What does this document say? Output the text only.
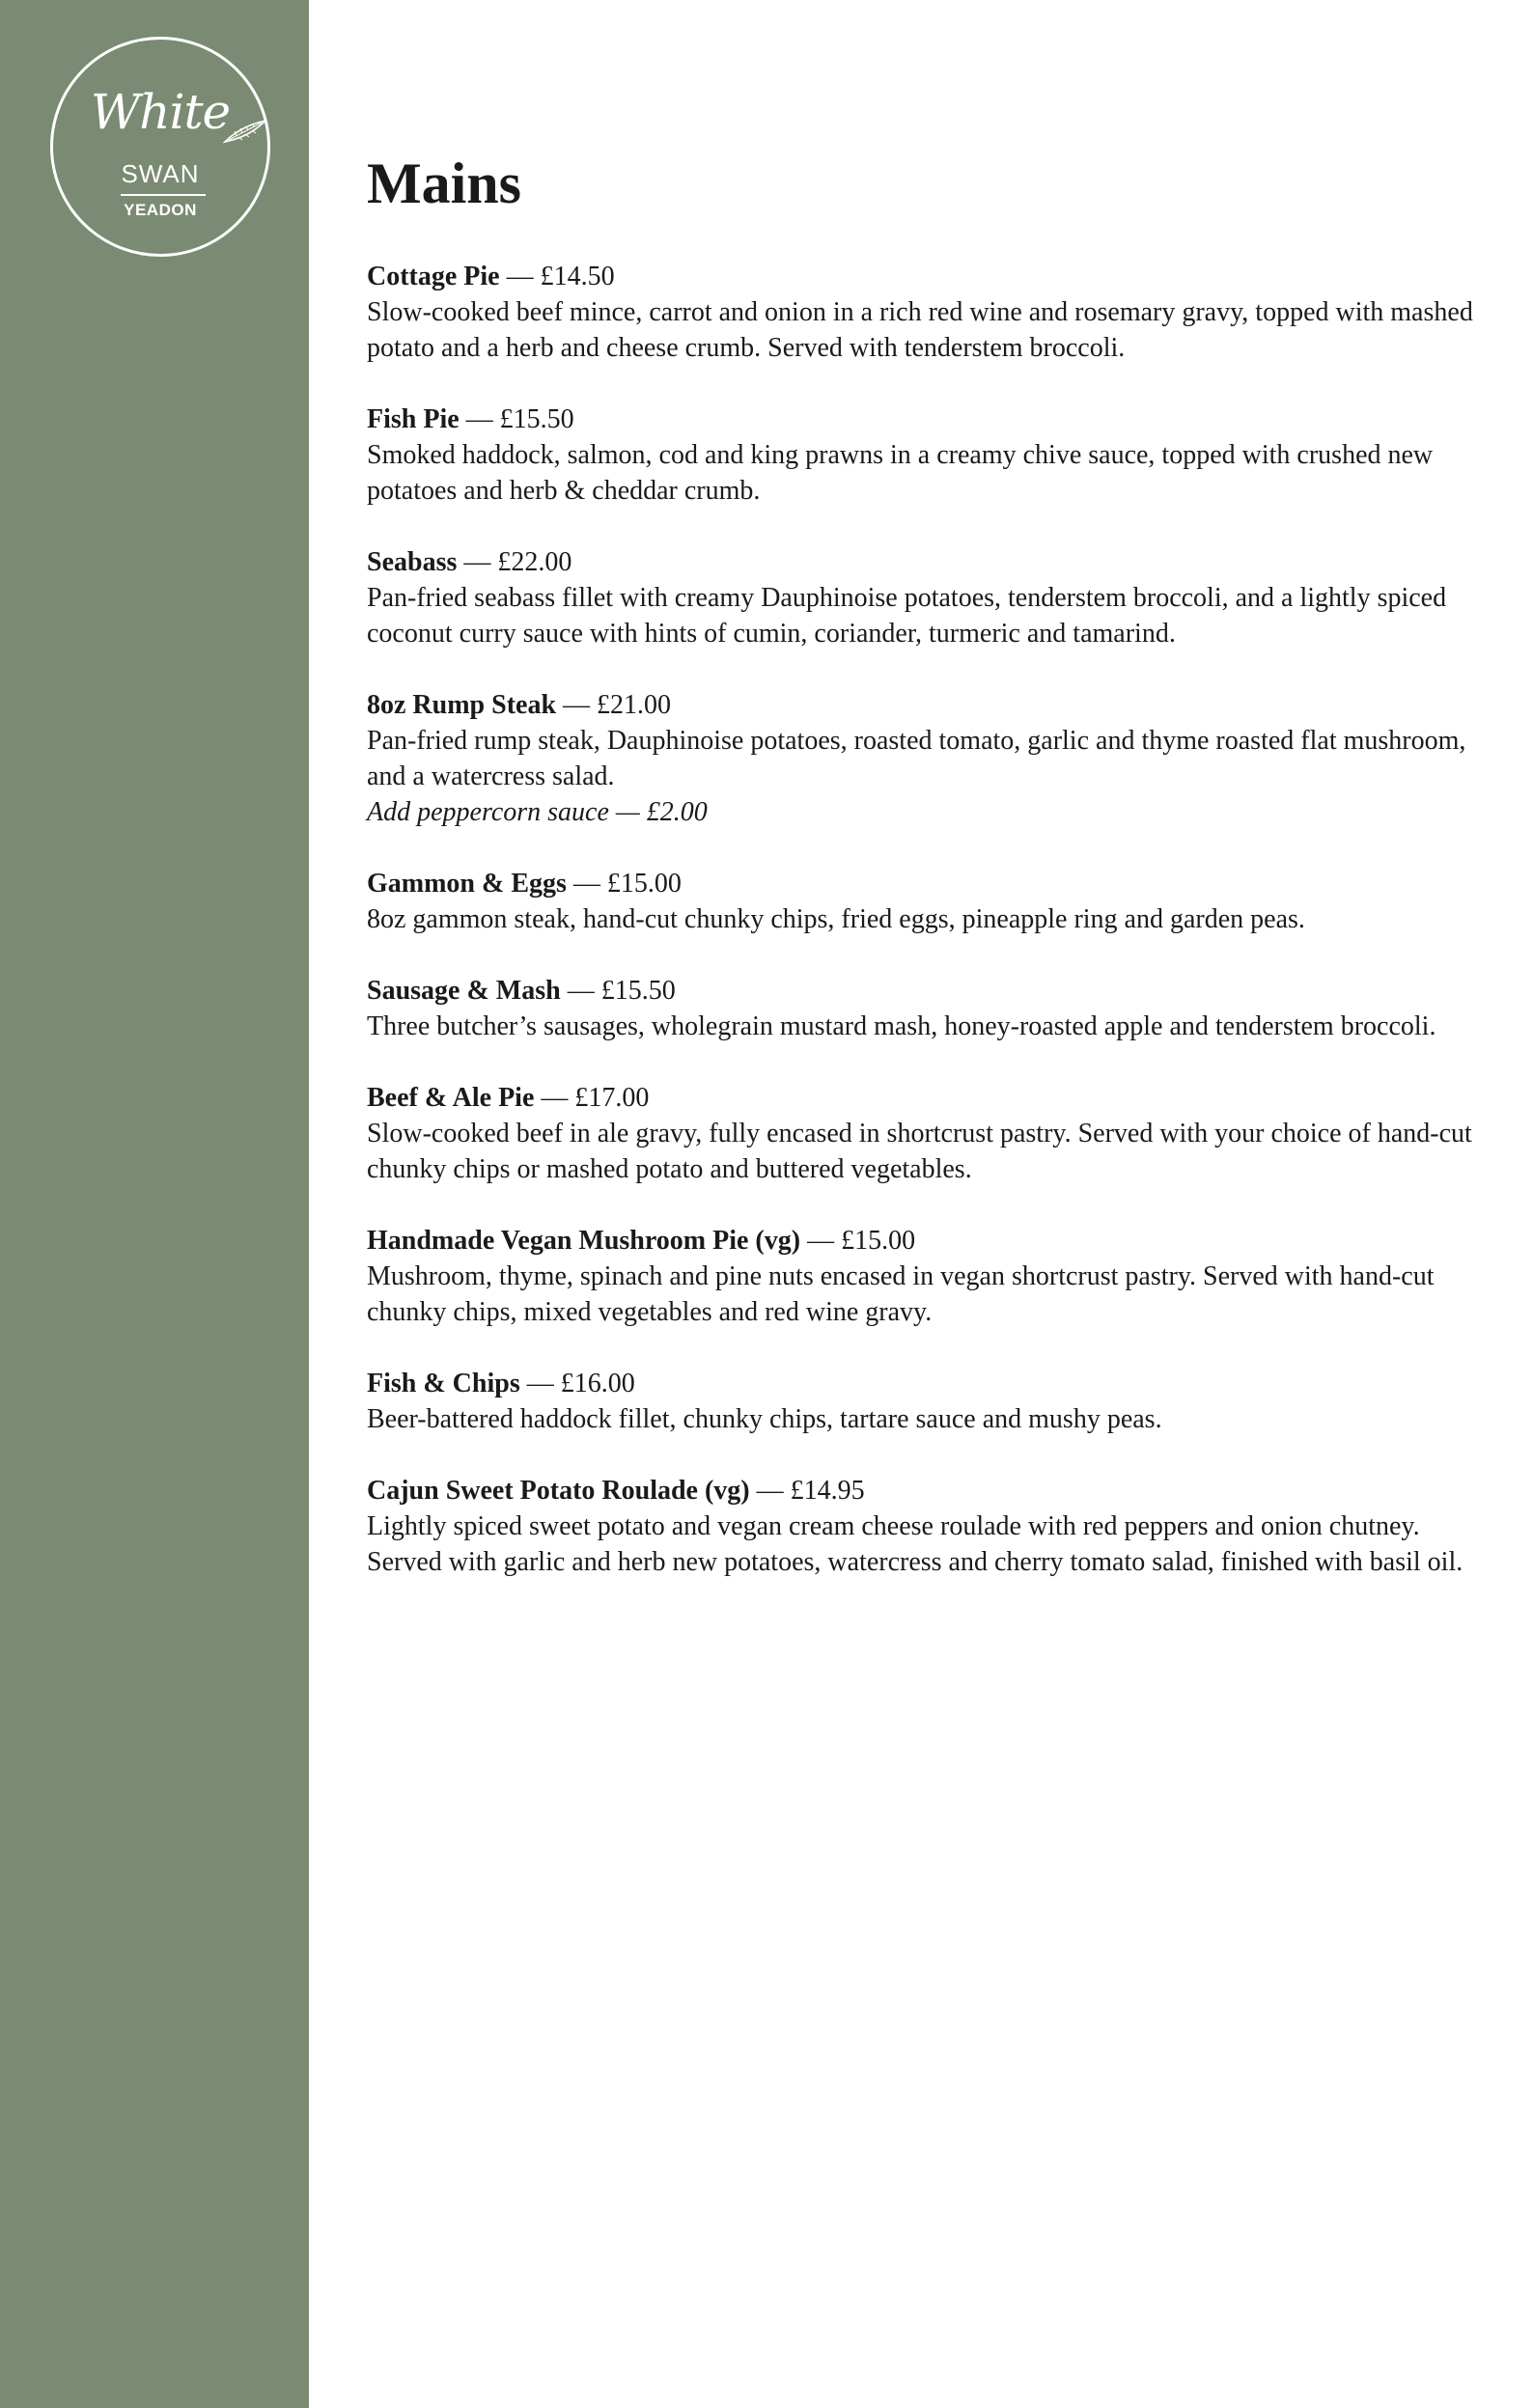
White
SWAN
YEADON	Mains
Cottage Pie — £14.50
Slow-cooked beef mince, carrot and onion in a rich red wine and rosemary gravy, topped with mashed potato and a herb and cheese crumb. Served with tenderstem broccoli.
Fish Pie — £15.50
Smoked haddock, salmon, cod and king prawns in a creamy chive sauce, topped with crushed new potatoes and herb & cheddar crumb.
Seabass — £22.00
Pan-fried seabass fillet with creamy Dauphinoise potatoes, tenderstem broccoli, and a lightly spiced coconut curry sauce with hints of cumin, coriander, turmeric and tamarind.
8oz Rump Steak — £21.00
Pan-fried rump steak, Dauphinoise potatoes, roasted tomato, garlic and thyme roasted flat mushroom, and a watercress salad.
Add peppercorn sauce — £2.00
Gammon & Eggs — £15.00
8oz gammon steak, hand-cut chunky chips, fried eggs, pineapple ring and garden peas.
Sausage & Mash — £15.50
Three butcher’s sausages, wholegrain mustard mash, honey-roasted apple and tenderstem broccoli.
Beef & Ale Pie — £17.00
Slow-cooked beef in ale gravy, fully encased in shortcrust pastry. Served with your choice of hand-cut chunky chips or mashed potato and buttered vegetables.
Handmade Vegan Mushroom Pie (vg) — £15.00
Mushroom, thyme, spinach and pine nuts encased in vegan shortcrust pastry. Served with hand-cut chunky chips, mixed vegetables and red wine gravy.
Fish & Chips — £16.00
Beer-battered haddock fillet, chunky chips, tartare sauce and mushy peas.
Cajun Sweet Potato Roulade (vg) — £14.95
Lightly spiced sweet potato and vegan cream cheese roulade with red peppers and onion chutney. Served with garlic and herb new potatoes, watercress and cherry tomato salad, finished with basil oil.
